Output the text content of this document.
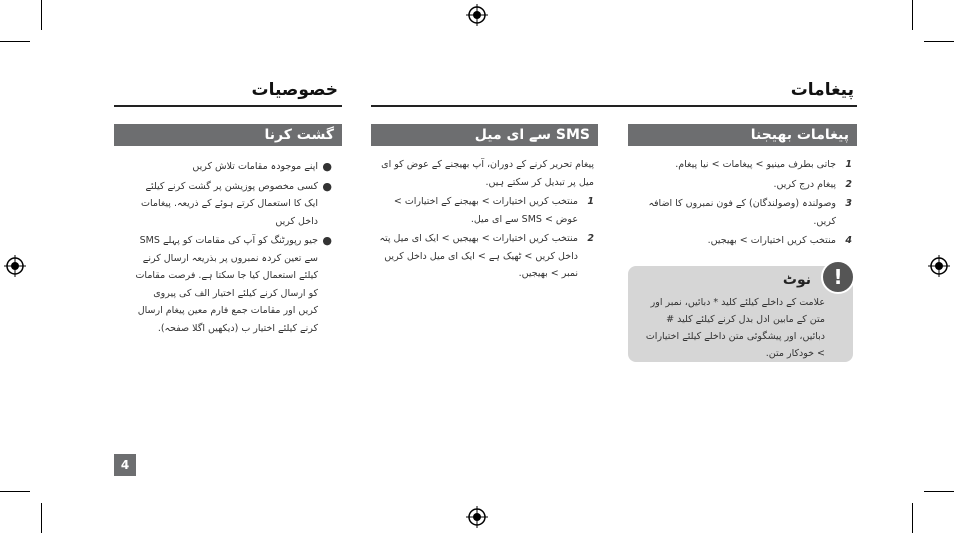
پیغامات
خصوصیات
پیغامات بھیجنا
SMS سے ای میل
گشت کرنا
1
جاتی بطرف مینیو > پیغامات > نیا پیغام.
2
پیغام درج کریں.
3
وصولندہ (وصولندگان) کے فون نمبروں کا اضافہ کریں.
4
منتخب کریں اختیارات > بھیجیں.
!
نوٹ
علامت کے داخلے کیلئے کلید * دبائیں، نمبر اور متن کے مابین ادل بدل کرنے کیلئے کلید # دبائیں، اور پیشگوئی متن داخلے کیلئے اختیارات > خودکار متن.
پیغام تحریر کرنے کے دوران، آپ بھیجنے کے عوض کو ای میل پر تبدیل کر سکتے ہیں.
1
منتخب کریں اختیارات > بھیجنے کے اختیارات > عوض > SMS سے ای میل.
2
منتخب کریں اختیارات > بھیجیں > ایک ای میل پتہ داخل کریں > ٹھیک ہے > ایک ای میل داخل کریں نمبر > بھیجیں.
●
اپنے موجودہ مقامات تلاش کریں
●
کسی مخصوص پوزیشن پر گشت کرنے کیلئے ایک کا استعمال کرتے ہوئے کے ذریعہ. پیغامات داخل کریں
●
جیو رپورٹنگ کو آپ کی مقامات کو پہلے SMS سے تعین کردہ نمبروں پر بذریعہ ارسال کرنے کیلئے استعمال کیا جا سکتا ہے. فرصت مقامات کو ارسال کرنے کیلئے اختیار الف کی پیروی کریں اور مقامات جمع فارم معین پیغام ارسال کرنے کیلئے اختیار ب (دیکھیں اگلا صفحہ).
4
